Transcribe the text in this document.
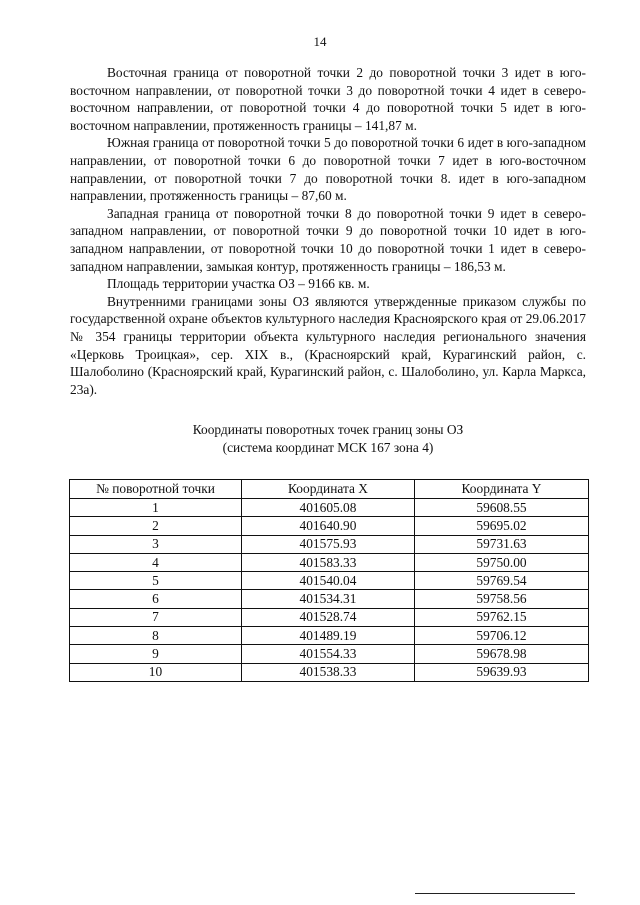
14

Восточная граница от поворотной точки 2 до поворотной точки 3 идет в юго-восточном направлении, от поворотной точки 3 до поворотной точки 4 идет в северо-восточном направлении, от поворотной точки 4 до поворотной точки 5 идет в юго-восточном направлении, протяженность границы – 141,87 м.

Южная граница от поворотной точки 5 до поворотной точки 6 идет в юго-западном направлении, от поворотной точки 6 до поворотной точки 7 идет в юго-восточном направлении, от поворотной точки 7 до поворотной точки 8. идет в юго-западном направлении, протяженность границы – 87,60 м.

Западная граница от поворотной точки 8 до поворотной точки 9 идет в северо-западном направлении, от поворотной точки 9 до поворотной точки 10 идет в юго-западном направлении, от поворотной точки 10 до поворотной точки 1 идет в северо-западном направлении, замыкая контур, протяженность границы – 186,53 м.

Площадь территории участка ОЗ – 9166 кв. м.

Внутренними границами зоны ОЗ являются утвержденные приказом службы по государственной охране объектов культурного наследия Красноярского края от 29.06.2017 № 354 границы территории объекта культурного наследия регионального значения «Церковь Троицкая», сер. XIX в., (Красноярский край, Курагинский район, с. Шалоболино (Красноярский край, Курагинский район, с. Шалоболино, ул. Карла Маркса, 23а).

Координаты поворотных точек границ зоны ОЗ
(система координат МСК 167 зона 4)
№ поворотной точки	Координата X	Координата Y
1	401605.08	59608.55
2	401640.90	59695.02
3	401575.93	59731.63
4	401583.33	59750.00
5	401540.04	59769.54
6	401534.31	59758.56
7	401528.74	59762.15
8	401489.19	59706.12
9	401554.33	59678.98
10	401538.33	59639.93
